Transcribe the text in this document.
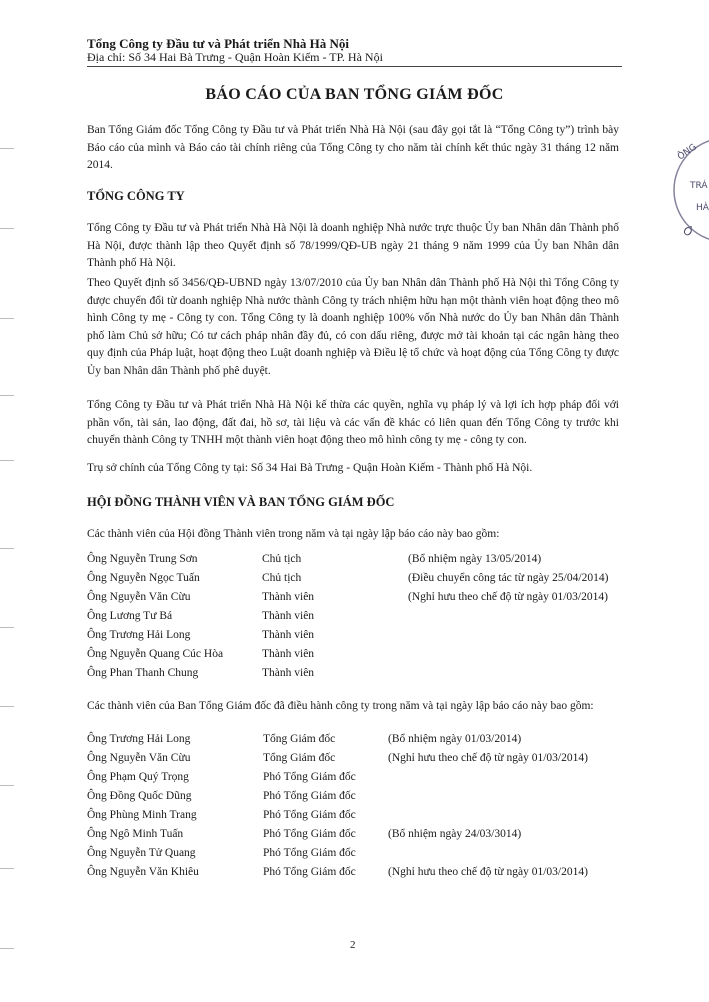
Tổng Công ty Đầu tư và Phát triển Nhà Hà Nội
Địa chỉ: Số 34 Hai Bà Trưng - Quận Hoàn Kiếm - TP. Hà Nội
BÁO CÁO CỦA BAN TỔNG GIÁM ĐỐC
Ban Tổng Giám đốc Tổng Công ty Đầu tư và Phát triển Nhà Hà Nội (sau đây gọi tắt là “Tổng Công ty”) trình bày Báo cáo của mình và Báo cáo tài chính riêng của Tổng Công ty cho năm tài chính kết thúc ngày 31 tháng 12 năm 2014.
TỔNG CÔNG TY
Tổng Công ty Đầu tư và Phát triển Nhà Hà Nội là doanh nghiệp Nhà nước trực thuộc Ủy ban Nhân dân Thành phố Hà Nội, được thành lập theo Quyết định số 78/1999/QĐ-UB ngày 21 tháng 9 năm 1999 của Ủy ban Nhân dân Thành phố Hà Nội.
Theo Quyết định số 3456/QĐ-UBND ngày 13/07/2010 của Ủy ban Nhân dân Thành phố Hà Nội thì Tổng Công ty được chuyển đổi từ doanh nghiệp Nhà nước thành Công ty trách nhiệm hữu hạn một thành viên hoạt động theo mô hình Công ty mẹ - Công ty con. Tổng Công ty là doanh nghiệp 100% vốn Nhà nước do Ủy ban Nhân dân Thành phố làm Chủ sở hữu; Có tư cách pháp nhân đầy đủ, có con dấu riêng, được mở tài khoản tại các ngân hàng theo quy định của Pháp luật, hoạt động theo Luật doanh nghiệp và Điều lệ tổ chức và hoạt động của Tổng Công ty được Ủy ban Nhân dân Thành phố phê duyệt.
Tổng Công ty Đầu tư và Phát triển Nhà Hà Nội kế thừa các quyền, nghĩa vụ pháp lý và lợi ích hợp pháp đối với phần vốn, tài sản, lao động, đất đai, hồ sơ, tài liệu và các vấn đề khác có liên quan đến Tổng Công ty trước khi chuyển thành Công ty TNHH một thành viên hoạt động theo mô hình công ty mẹ - công ty con.
Trụ sở chính của Tổng Công ty tại: Số 34 Hai Bà Trưng - Quận Hoàn Kiếm - Thành phố Hà Nội.
HỘI ĐỒNG THÀNH VIÊN VÀ BAN TỔNG GIÁM ĐỐC
Các thành viên của Hội đồng Thành viên trong năm và tại ngày lập báo cáo này bao gồm:
Ông Nguyễn Trung Sơn	Chủ tịch	(Bổ nhiệm ngày 13/05/2014)
Ông Nguyễn Ngọc Tuấn	Chủ tịch	(Điều chuyển công tác từ ngày 25/04/2014)
Ông Nguyễn Văn Cừu	Thành viên	(Nghỉ hưu theo chế độ từ ngày 01/03/2014)
Ông Lương Tư Bá	Thành viên
Ông Trương Hải Long	Thành viên
Ông Nguyễn Quang Cúc Hòa	Thành viên
Ông Phan Thanh Chung	Thành viên
Các thành viên của Ban Tổng Giám đốc đã điều hành công ty trong năm và tại ngày lập báo cáo này bao gồm:
Ông Trương Hải Long	Tổng Giám đốc	(Bổ nhiệm ngày 01/03/2014)
Ông Nguyễn Văn Cừu	Tổng Giám đốc	(Nghỉ hưu theo chế độ từ ngày 01/03/2014)
Ông Phạm Quý Trọng	Phó Tổng Giám đốc
Ông Đồng Quốc Dũng	Phó Tổng Giám đốc
Ông Phùng Minh Trang	Phó Tổng Giám đốc
Ông Ngô Minh Tuấn	Phó Tổng Giám đốc	(Bổ nhiệm ngày 24/03/3014)
Ông Nguyễn Tử Quang	Phó Tổng Giám đốc
Ông Nguyễn Văn Khiêu	Phó Tổng Giám đốc	(Nghỉ hưu theo chế độ từ ngày 01/03/2014)
2
ÔNG
TRÁ
HÀ
Ô
